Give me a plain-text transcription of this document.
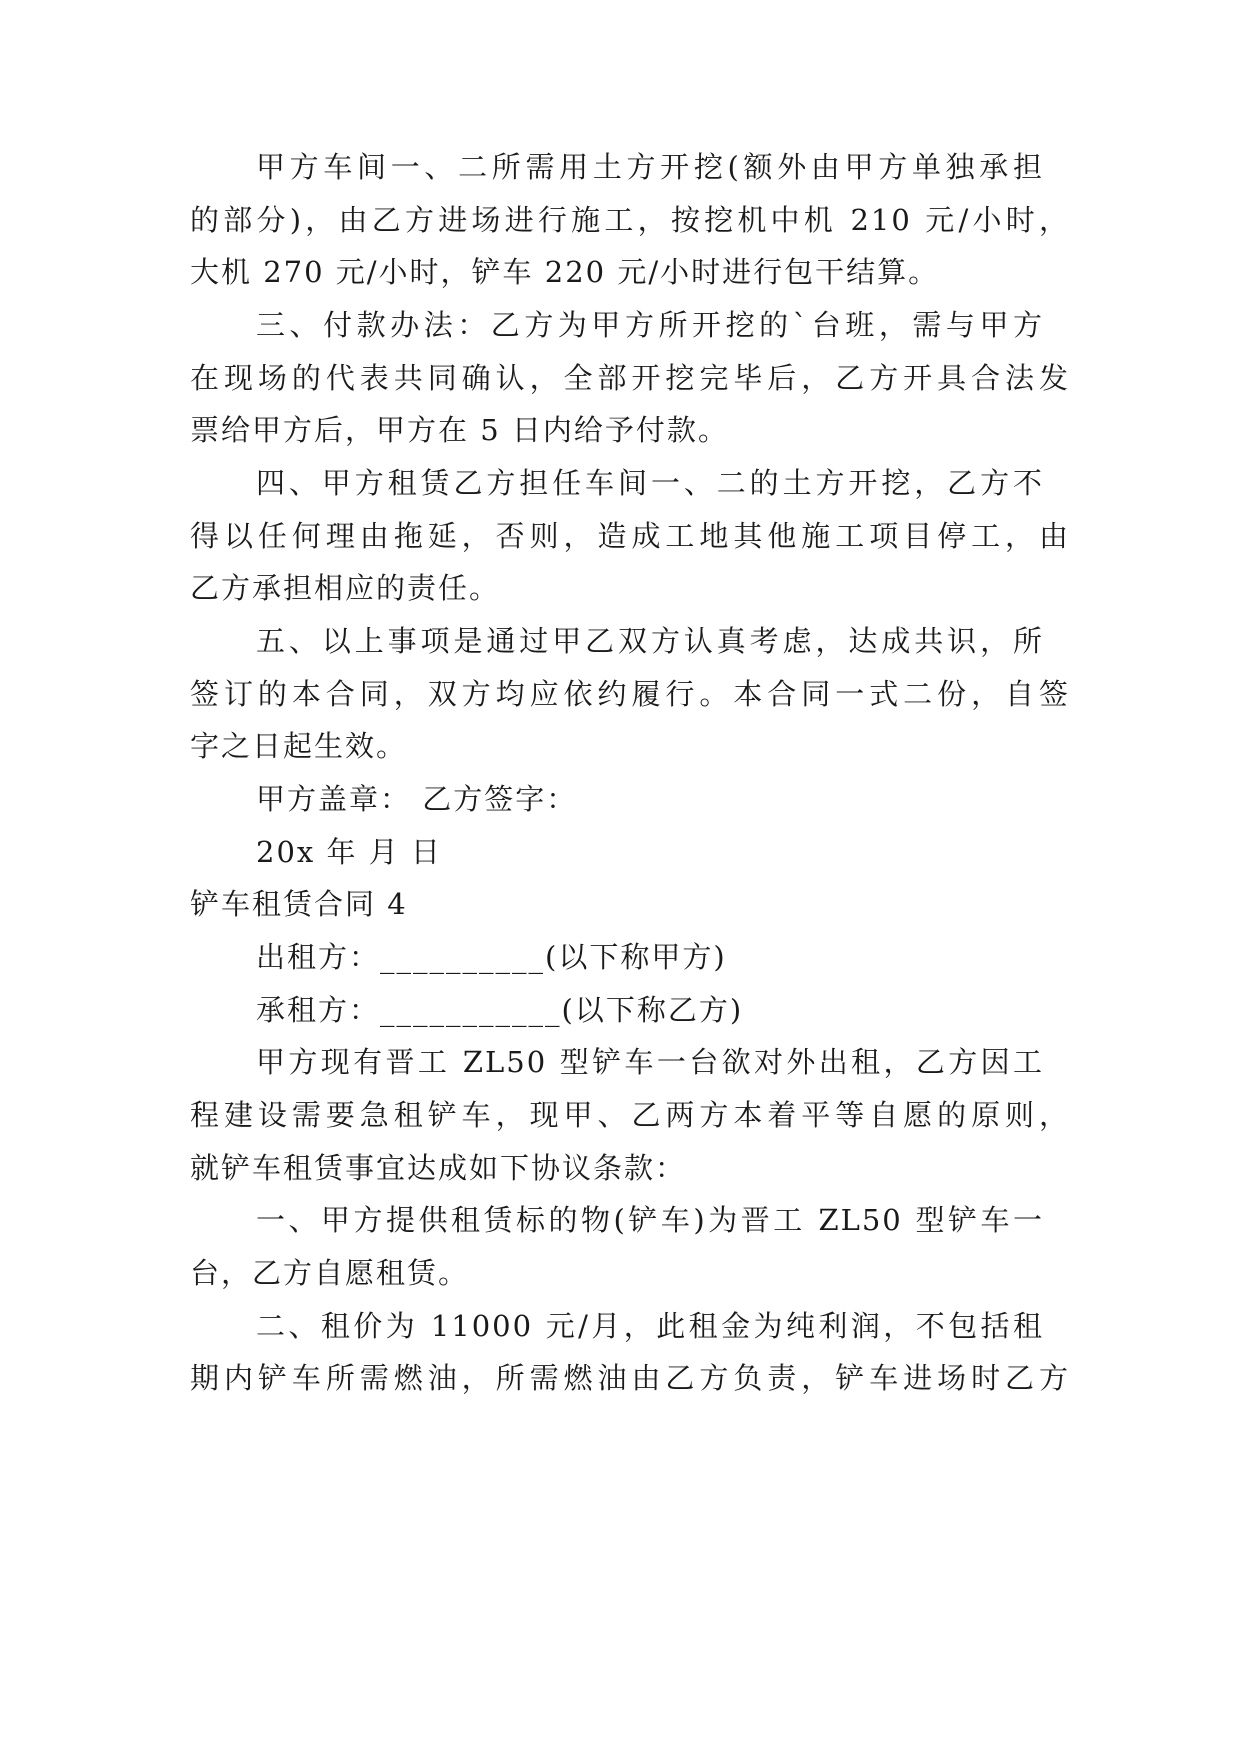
甲方车间一、二所需用土方开挖(额外由甲方单独承担
的部分)，由乙方进场进行施工，按挖机中机 210 元/小时，
大机 270 元/小时，铲车 220 元/小时进行包干结算。
三、付款办法：乙方为甲方所开挖的`台班，需与甲方
在现场的代表共同确认，全部开挖完毕后，乙方开具合法发
票给甲方后，甲方在 5 日内给予付款。
四、甲方租赁乙方担任车间一、二的土方开挖，乙方不
得以任何理由拖延，否则，造成工地其他施工项目停工，由
乙方承担相应的责任。
五、以上事项是通过甲乙双方认真考虑，达成共识，所
签订的本合同，双方均应依约履行。本合同一式二份，自签
字之日起生效。
甲方盖章： 乙方签字：
20x 年 月 日
铲车租赁合同 4
出租方：__________(以下称甲方)
承租方：___________(以下称乙方)
甲方现有晋工 ZL50 型铲车一台欲对外出租，乙方因工
程建设需要急租铲车，现甲、乙两方本着平等自愿的原则，
就铲车租赁事宜达成如下协议条款：
一、甲方提供租赁标的物(铲车)为晋工 ZL50 型铲车一
台，乙方自愿租赁。
二、租价为 11000 元/月，此租金为纯利润，不包括租
期内铲车所需燃油，所需燃油由乙方负责，铲车进场时乙方
